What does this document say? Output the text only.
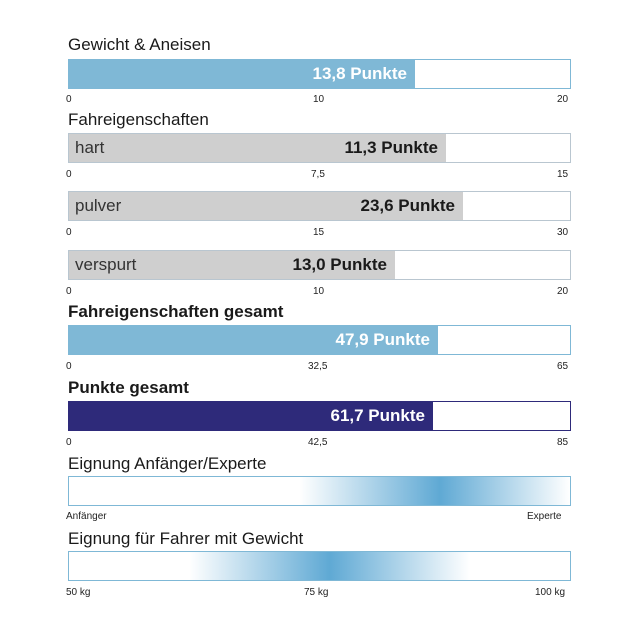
Gewicht & Aneisen
13,8 Punkte
0	10	20
Fahreigenschaften
hart	11,3 Punkte
0	7,5	15
pulver	23,6 Punkte
0	15	30
verspurt	13,0 Punkte
0	10	20
Fahreigenschaften gesamt
47,9 Punkte
0	32,5	65
Punkte gesamt
61,7 Punkte
0	42,5	85
Eignung Anfänger/Experte
Anfänger	Experte
Eignung für Fahrer mit Gewicht
50 kg	75 kg	100 kg
